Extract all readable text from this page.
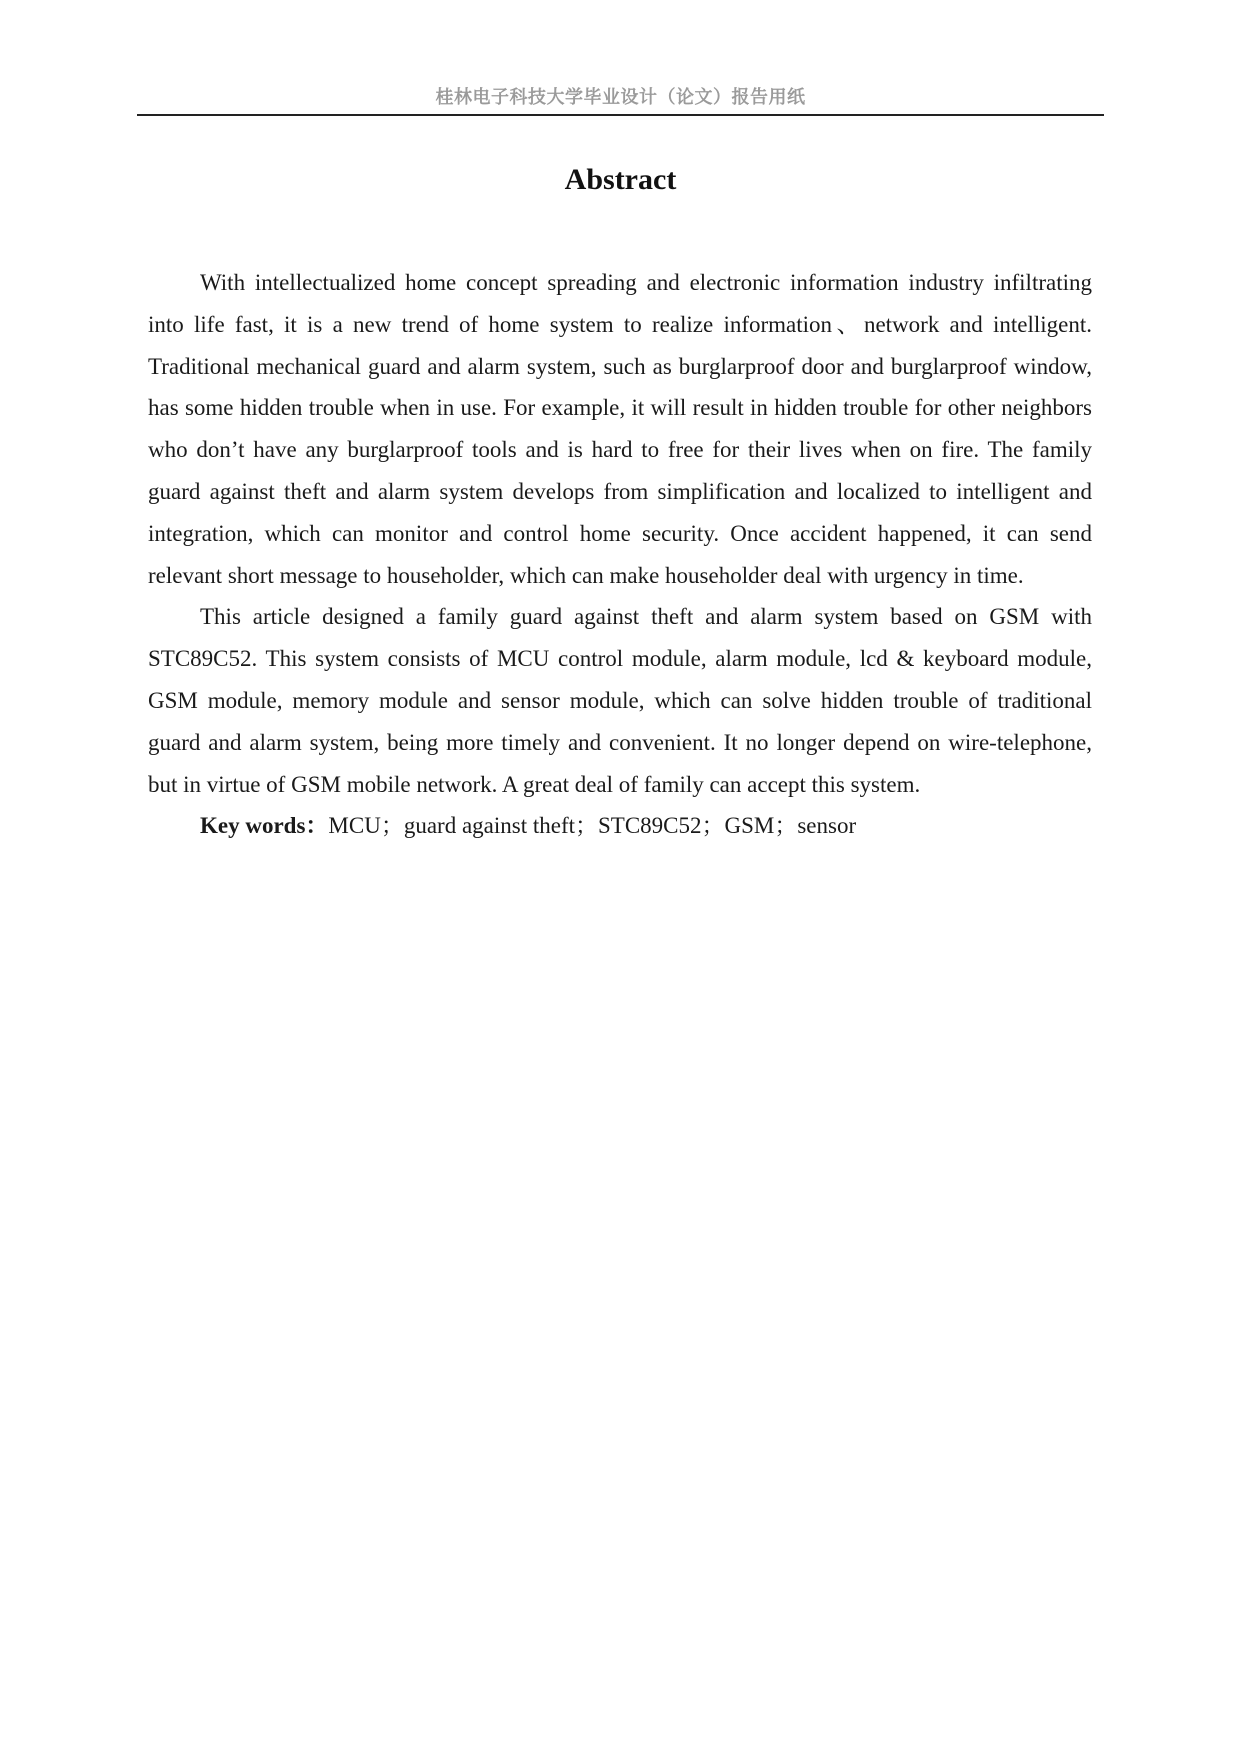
桂林电子科技大学毕业设计（论文）报告用纸
Abstract

With intellectualized home concept spreading and electronic information industry infiltrating into life fast, it is a new trend of home system to realize information、network and intelligent. Traditional mechanical guard and alarm system, such as burglarproof door and burglarproof window, has some hidden trouble when in use. For example, it will result in hidden trouble for other neighbors who don’t have any burglarproof tools and is hard to free for their lives when on fire. The family guard against theft and alarm system develops from simplification and localized to intelligent and integration, which can monitor and control home security. Once accident happened, it can send relevant short message to householder, which can make householder deal with urgency in time.

This article designed a family guard against theft and alarm system based on GSM with STC89C52. This system consists of MCU control module, alarm module, lcd & keyboard module, GSM module, memory module and sensor module, which can solve hidden trouble of traditional guard and alarm system, being more timely and convenient. It no longer depend on wire-telephone, but in virtue of GSM mobile network. A great deal of family can accept this system.

Key words：MCU；guard against theft；STC89C52；GSM；sensor
